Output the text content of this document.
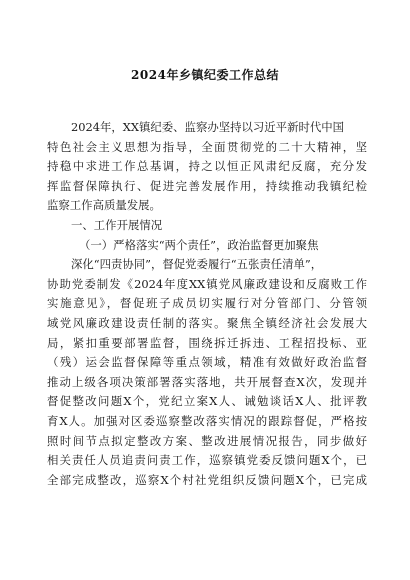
2024年乡镇纪委工作总结
2024年，XX镇纪委、监察办坚持以习近平新时代中国
特色社会主义思想为指导，全面贯彻党的二十大精神，坚
持稳中求进工作总基调，持之以恒正风肃纪反腐，充分发
挥监督保障执行、促进完善发展作用，持续推动我镇纪检
监察工作高质量发展。
一、工作开展情况
（一）严格落实“两个责任”，政治监督更加聚焦
深化“四责协同”，督促党委履行“五张责任清单”，
协助党委制发《2024年度XX镇党风廉政建设和反腐败工作
实施意见》，督促班子成员切实履行对分管部门、分管领
域党风廉政建设责任制的落实。聚焦全镇经济社会发展大
局，紧扣重要部署监督，围绕拆迁拆违、工程招投标、亚
（残）运会监督保障等重点领域，精准有效做好政治监督
推动上级各项决策部署落实落地，共开展督查X次，发现并
督促整改问题X个，党纪立案X人、诫勉谈话X人、批评教
育X人。加强对区委巡察整改落实情况的跟踪督促，严格按
照时间节点拟定整改方案、整改进展情况报告，同步做好
相关责任人员追责问责工作，巡察镇党委反馈问题X个，已
全部完成整改，巡察X个村社党组织反馈问题X个，已完成
